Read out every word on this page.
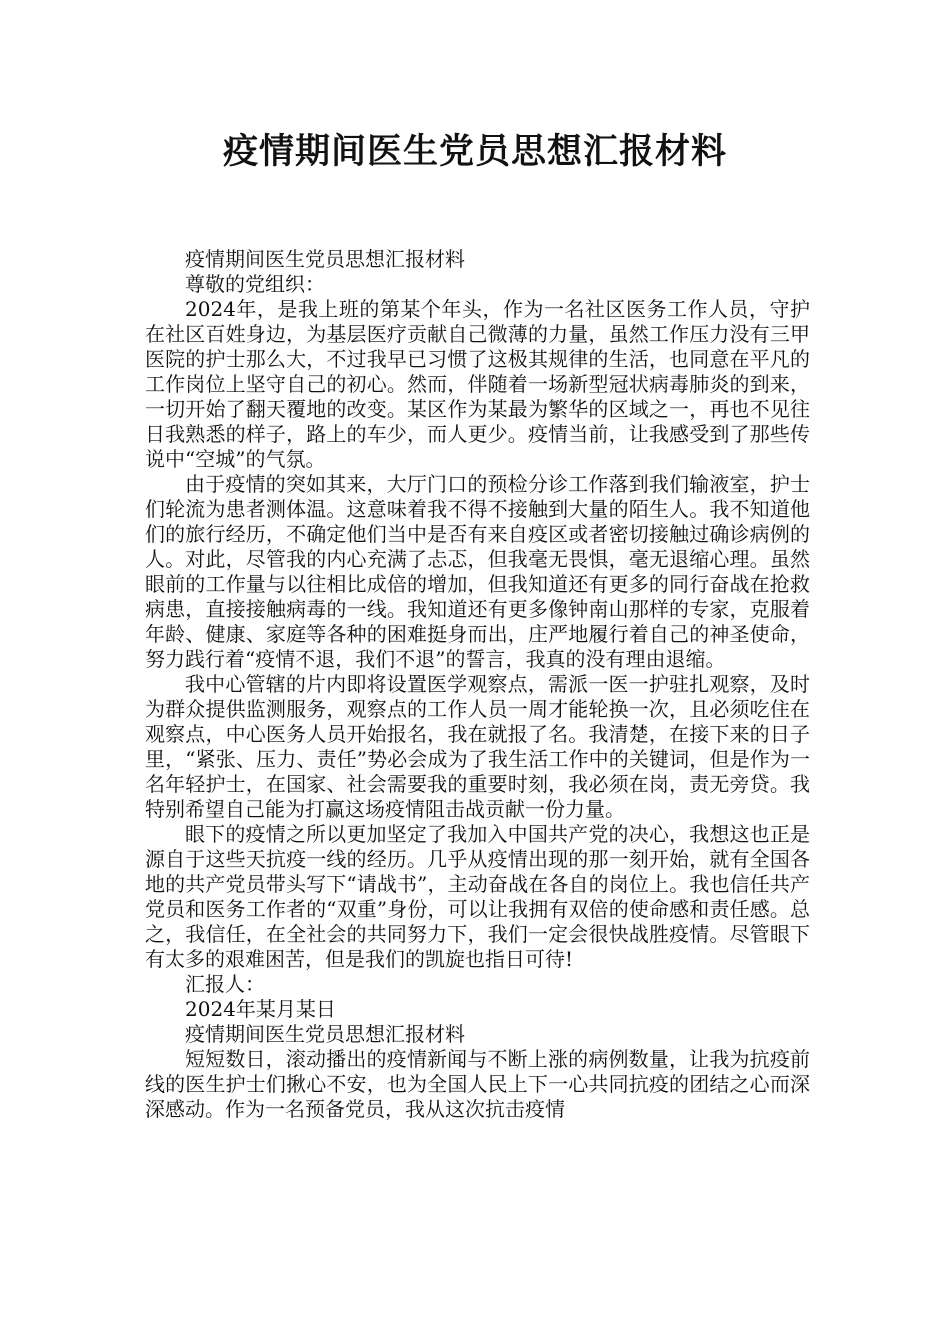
疫情期间医生党员思想汇报材料

疫情期间医生党员思想汇报材料

尊敬的党组织：

2024年，是我上班的第某个年头，作为一名社区医务工作人员，守护在社区百姓身边，为基层医疗贡献自己微薄的力量，虽然工作压力没有三甲医院的护士那么大，不过我早已习惯了这极其规律的生活，也同意在平凡的工作岗位上坚守自己的初心。然而，伴随着一场新型冠状病毒肺炎的到来，一切开始了翻天覆地的改变。某区作为某最为繁华的区域之一，再也不见往日我熟悉的样子，路上的车少，而人更少。疫情当前，让我感受到了那些传说中“空城”的气氛。

由于疫情的突如其来，大厅门口的预检分诊工作落到我们输液室，护士们轮流为患者测体温。这意味着我不得不接触到大量的陌生人。我不知道他们的旅行经历，不确定他们当中是否有来自疫区或者密切接触过确诊病例的人。对此，尽管我的内心充满了忐忑，但我毫无畏惧，毫无退缩心理。虽然眼前的工作量与以往相比成倍的增加，但我知道还有更多的同行奋战在抢救病患，直接接触病毒的一线。我知道还有更多像钟南山那样的专家，克服着年龄、健康、家庭等各种的困难挺身而出，庄严地履行着自己的神圣使命，努力践行着“疫情不退，我们不退”的誓言，我真的没有理由退缩。

我中心管辖的片内即将设置医学观察点，需派一医一护驻扎观察，及时为群众提供监测服务，观察点的工作人员一周才能轮换一次，且必须吃住在观察点，中心医务人员开始报名，我在就报了名。我清楚，在接下来的日子里，“紧张、压力、责任”势必会成为了我生活工作中的关键词，但是作为一名年轻护士，在国家、社会需要我的重要时刻，我必须在岗，责无旁贷。我特别希望自己能为打赢这场疫情阻击战贡献一份力量。

眼下的疫情之所以更加坚定了我加入中国共产党的决心，我想这也正是源自于这些天抗疫一线的经历。几乎从疫情出现的那一刻开始，就有全国各地的共产党员带头写下“请战书”，主动奋战在各自的岗位上。我也信任共产党员和医务工作者的“双重”身份，可以让我拥有双倍的使命感和责任感。总之，我信任，在全社会的共同努力下，我们一定会很快战胜疫情。尽管眼下有太多的艰难困苦，但是我们的凯旋也指日可待!

汇报人：

2024年某月某日

疫情期间医生党员思想汇报材料

短短数日，滚动播出的疫情新闻与不断上涨的病例数量，让我为抗疫前线的医生护士们揪心不安，也为全国人民上下一心共同抗疫的团结之心而深深感动。作为一名预备党员，我从这次抗击疫情
